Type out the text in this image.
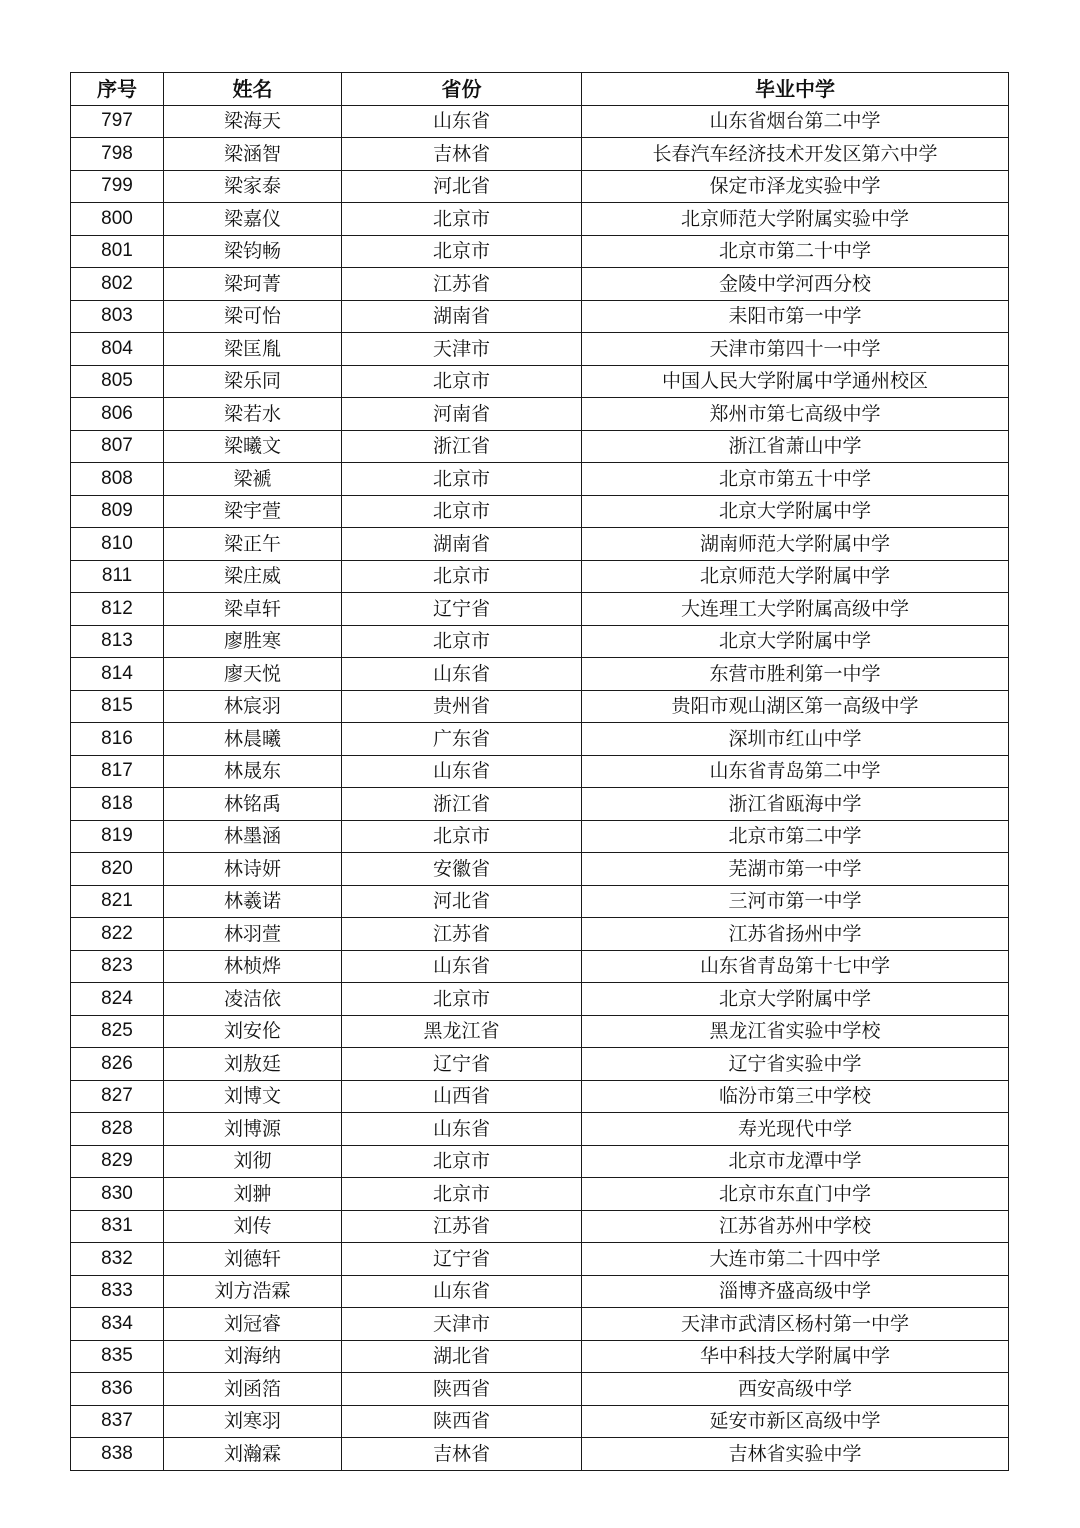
序号	姓名	省份	毕业中学
797	梁海天	山东省	山东省烟台第二中学
798	梁涵智	吉林省	长春汽车经济技术开发区第六中学
799	梁家泰	河北省	保定市泽龙实验中学
800	梁嘉仪	北京市	北京师范大学附属实验中学
801	梁钧畅	北京市	北京市第二十中学
802	梁珂菁	江苏省	金陵中学河西分校
803	梁可怡	湖南省	耒阳市第一中学
804	梁匡胤	天津市	天津市第四十一中学
805	梁乐同	北京市	中国人民大学附属中学通州校区
806	梁若水	河南省	郑州市第七高级中学
807	梁曦文	浙江省	浙江省萧山中学
808	梁褫	北京市	北京市第五十中学
809	梁宇萱	北京市	北京大学附属中学
810	梁正午	湖南省	湖南师范大学附属中学
811	梁庄威	北京市	北京师范大学附属中学
812	梁卓轩	辽宁省	大连理工大学附属高级中学
813	廖胜寒	北京市	北京大学附属中学
814	廖天悦	山东省	东营市胜利第一中学
815	林宸羽	贵州省	贵阳市观山湖区第一高级中学
816	林晨曦	广东省	深圳市红山中学
817	林晟东	山东省	山东省青岛第二中学
818	林铭禹	浙江省	浙江省瓯海中学
819	林墨涵	北京市	北京市第二中学
820	林诗妍	安徽省	芜湖市第一中学
821	林羲诺	河北省	三河市第一中学
822	林羽萱	江苏省	江苏省扬州中学
823	林桢烨	山东省	山东省青岛第十七中学
824	凌洁依	北京市	北京大学附属中学
825	刘安伦	黑龙江省	黑龙江省实验中学校
826	刘敖廷	辽宁省	辽宁省实验中学
827	刘博文	山西省	临汾市第三中学校
828	刘博源	山东省	寿光现代中学
829	刘彻	北京市	北京市龙潭中学
830	刘翀	北京市	北京市东直门中学
831	刘传	江苏省	江苏省苏州中学校
832	刘德轩	辽宁省	大连市第二十四中学
833	刘方浩霖	山东省	淄博齐盛高级中学
834	刘冠睿	天津市	天津市武清区杨村第一中学
835	刘海纳	湖北省	华中科技大学附属中学
836	刘函箔	陕西省	西安高级中学
837	刘寒羽	陕西省	延安市新区高级中学
838	刘瀚霖	吉林省	吉林省实验中学
